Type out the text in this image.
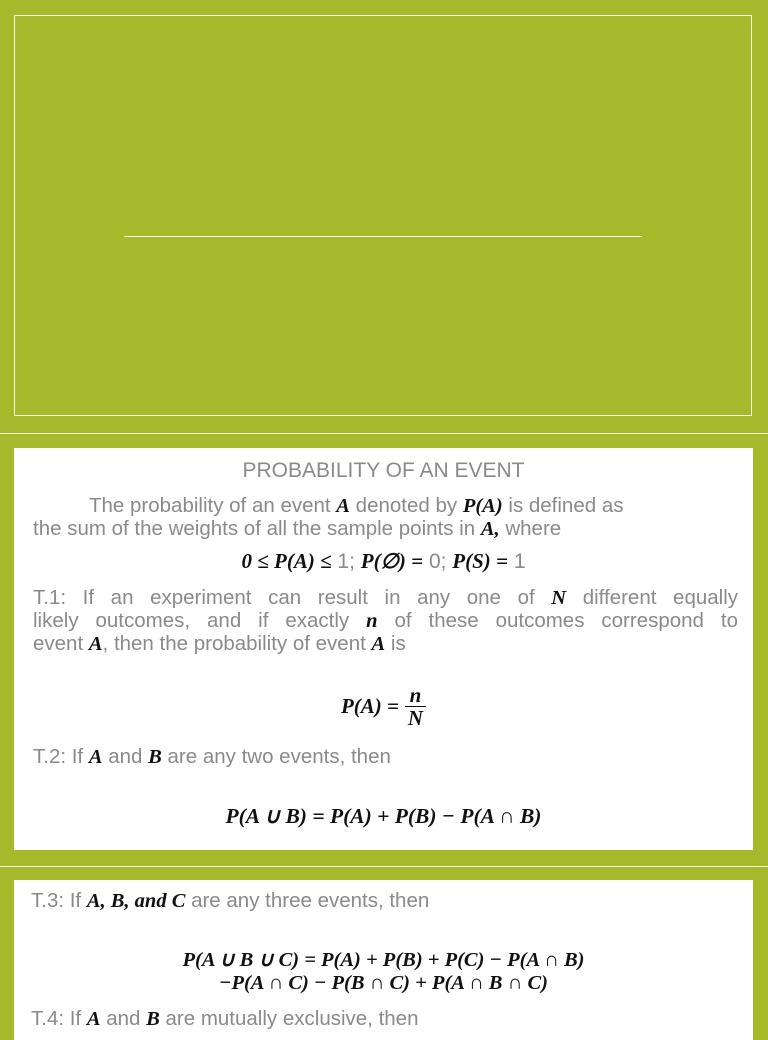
PROBABILITY OF AN EVENT
The probability of an event A denoted by P(A) is defined as
the sum of the weights of all the sample points in A, where
0 ≤ P(A) ≤ 1; P(∅) = 0; P(S) = 1
T.1: If an experiment can result in any one of N different equally
likely outcomes, and if exactly n of these outcomes correspond to
event A, then the probability of event A is
$P(A) = \frac{n}{N}$
T.2: If A and B are any two events, then
P(A ∪ B) = P(A) + P(B) − P(A ∩ B)
T.3: If A, B, and C are any three events, then
P(A ∪ B ∪ C) = P(A) + P(B) + P(C) − P(A ∩ B)
−P(A ∩ C) − P(B ∩ C) + P(A ∩ B ∩ C)
T.4: If A and B are mutually exclusive, then
